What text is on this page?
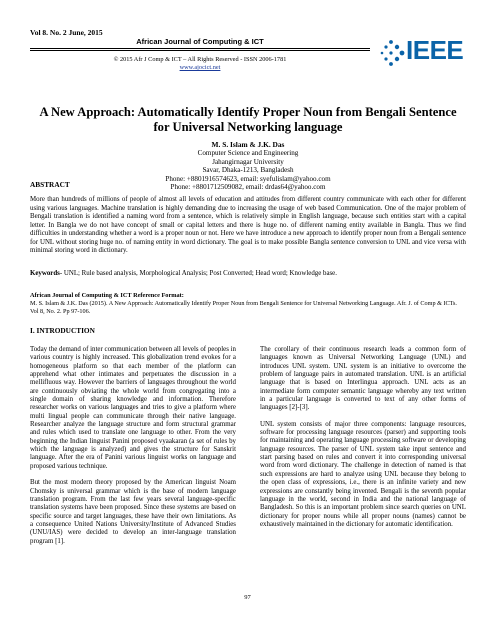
Vol 8. No. 2 June, 2015
African Journal of Computing & ICT
© 2015 Afr J Comp & ICT – All Rights Reserved - ISSN 2006-1781
www.ajocict.net
IEEE
A New Approach: Automatically Identify Proper Noun from Bengali Sentence
for Universal Networking language
M. S. Islam & J.K. Das
Computer Science and Engineering
Jahangirnagar University
Savar, Dhaka-1213, Bangladesh
Phone: +8801916574623, email: syefulislam@yahoo.com
Phone: +8801712509082, email: drdas64@yahoo.com
ABSTRACT
More than hundreds of millions of people of almost all levels of education and attitudes from different country communicate with each other for different using various languages. Machine translation is highly demanding due to increasing the usage of web based Communication. One of the major problem of Bengali translation is identified a naming word from a sentence, which is relatively simple in English language, because such entities start with a capital letter. In Bangla we do not have concept of small or capital letters and there is huge no. of different naming entity available in Bangla. Thus we find difficulties in understanding whether a word is a proper noun or not. Here we have introduce a new approach to identify proper noun from a Bengali sentence for UNL without storing huge no. of naming entity in word dictionary. The goal is to make possible Bangla sentence conversion to UNL and vice versa with minimal storing word in dictionary.
Keywords- UNL; Rule based analysis, Morphological Analysis; Post Converted; Head word; Knowledge base.
African Journal of Computing & ICT Reference Format:
M. S. Islam & J.K. Das (2015). A New Approach: Automatically Identify Proper Noun from Bengali Sentence for Universal Networking Language. Afr. J. of Comp & ICTs. Vol 8, No. 2. Pp 97-106.
I. INTRODUCTION

Today the demand of inter communication between all levels of peoples in various country is highly increased. This globalization trend evokes for a homogeneous platform so that each member of the platform can apprehend what other intimates and perpetuates the discussion in a mellifluous way. However the barriers of languages throughout the world are continuously obviating the whole world from congregating into a single domain of sharing knowledge and information. Therefore researcher works on various languages and tries to give a platform where multi lingual people can communicate through their native language. Researcher analyze the language structure and form structural grammar and rules which used to translate one language to other. From the very beginning the Indian linguist Panini proposed vyaakaran (a set of rules by which the language is analyzed) and gives the structure for Sanskrit language. After the era of Panini various linguist works on language and proposed various technique.

But the most modern theory proposed by the American linguist Noam Chomsky is universal grammar which is the base of modern language translation program. From the last few years several language-specific translation systems have been proposed. Since these systems are based on specific source and target languages, these have their own limitations. As a consequence United Nations University/Institute of Advanced Studies (UNU/IAS) were decided to develop an inter-language translation program [1].

The corollary of their continuous research leads a common form of languages known as Universal Networking Language (UNL) and introduces UNL system. UNL system is an initiative to overcome the problem of language pairs in automated translation. UNL is an artificial language that is based on Interlingua approach. UNL acts as an intermediate form computer semantic language whereby any text written in a particular language is converted to text of any other forms of languages [2]-[3].

UNL system consists of major three components: language resources, software for processing language resources (parser) and supporting tools for maintaining and operating language processing software or developing language resources. The parser of UNL system take input sentence and start parsing based on rules and convert it into corresponding universal word from word dictionary. The challenge in detection of named is that such expressions are hard to analyze using UNL because they belong to the open class of expressions, i.e., there is an infinite variety and new expressions are constantly being invented. Bengali is the seventh popular language in the world, second in India and the national language of Bangladesh. So this is an important problem since search queries on UNL dictionary for proper nouns while all proper nouns (names) cannot be exhaustively maintained in the dictionary for automatic identification.

97
